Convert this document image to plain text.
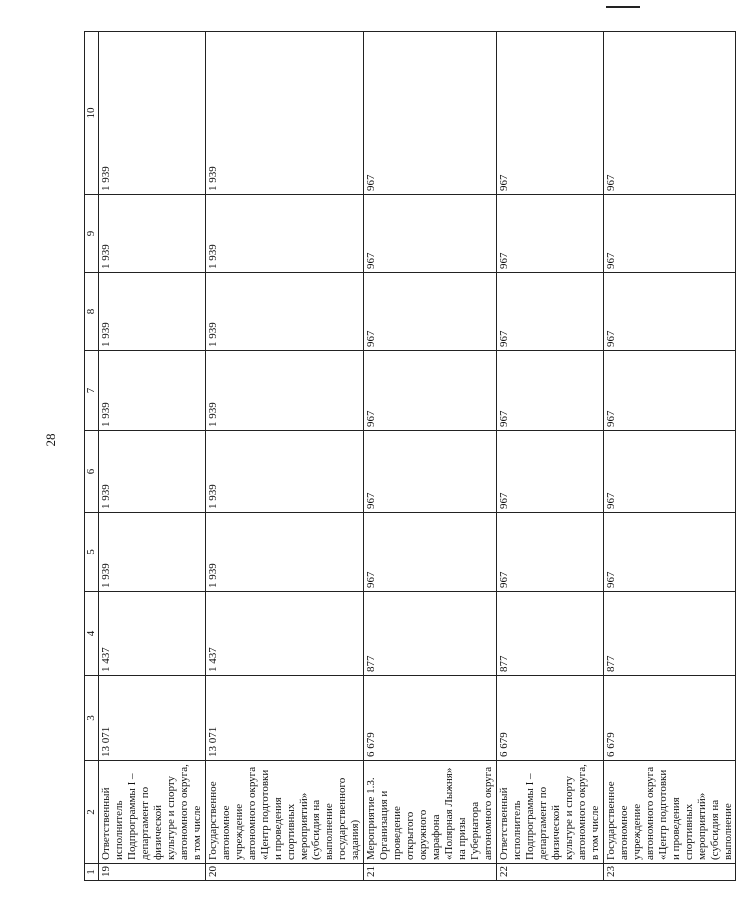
28
1	2	3	4	5	6	7	8	9	10
19	Ответственный исполнитель Подпрограммы I – департамент по физической культуре и спорту автономного округа, в том числе	13 071	1 437	1 939	1 939	1 939	1 939	1 939	1 939
20	Государственное автономное учреждение автономного округа «Центр подготовки и проведения спортивных мероприятий» (субсидия на выполнение государственного задания)	13 071	1 437	1 939	1 939	1 939	1 939	1 939	1 939
21	Мероприятие 1.3. Организация и проведение открытого окружного марафона «Полярная Лыжня» на призы Губернатора автономного округа	6 679	877	967	967	967	967	967	967
22	Ответственный исполнитель Подпрограммы I – департамент по физической культуре и спорту автономного округа, в том числе	6 679	877	967	967	967	967	967	967
23	Государственное автономное учреждение автономного округа «Центр подготовки и проведения спортивных мероприятий» (субсидия на выполнение	6 679	877	967	967	967	967	967	967
